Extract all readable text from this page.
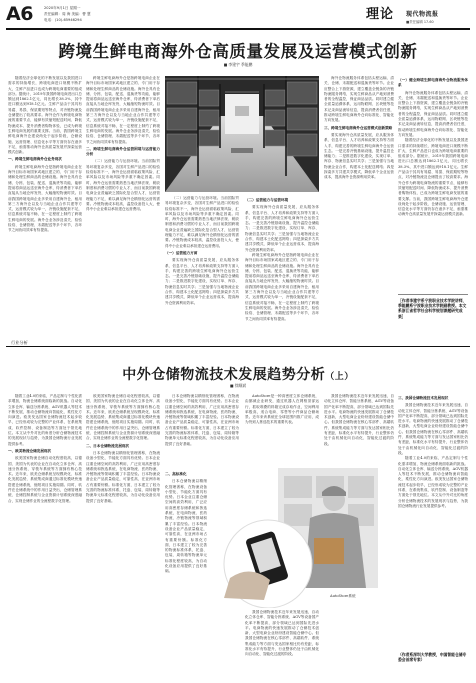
A6	2020年9月1日 星期一
责任编辑：周 海 美编：曹 慧
电话：(10)-65946294	理论 现代物流报
■责任编辑 17-60
跨境生鲜电商海外仓高质量发展及运营模式创新
■ 李建宇 季能鹏

随着经济全球化的不断发展以及我国进口需求的持续增长，跨境电商进口规模不断扩大，生鲜产品进口也成为跨境电商重要的组成部分。据统计，2019年我国跨境电商进出口总额达到1862.1亿元，同比增长38.3%，其中进口额达到918.1亿元。生鲜产品由于其具有易腐、易损、保质期短等特点，对冷链物流及仓储提出了较高要求。海外仓作为跨境电商物流的重要节点，能够有效缩短配送时间、降低物流成本、提升消费者购物体验，已成为跨境生鲜电商发展的重要支撑。当前，我国跨境生鲜电商海外仓建设尚处于起步阶段，仓储设施、运营管理、信息化水平等方面仍存在诸多不足，亟需推动海外仓高质量发展并探索运营模式创新。

一、跨境生鲜电商海外仓业务现状

跨境生鲜电商海外仓是指跨境电商企业在海外目标市场国家或地区建立的、专门用于存储和处理生鲜商品的仓储设施。海外仓具有仓储、分拣、包装、配送、退换货等功能，能够提前将商品运送至海外仓库，待消费者下单后直接从当地仓库发货，大幅缩短物流时效。目前我国跨境电商企业多采用自建海外仓、租用第三方海外仓以及与当地企业合作共建等方式，运营模式较为单一，冷链设施配套不足，信息系统对接不畅，在一定程度上制约了跨境生鲜电商的发展。海外仓业务涉及清关、检验检疫、仓储管理、末端配送等多个环节，各环节之间协同效率有待提高。

跨境生鲜电商海外仓是指跨境电商企业在海外目标市场国家或地区建立的、专门用于存储和处理生鲜商品的仓储设施。海外仓具有仓储、分拣、包装、配送、退换货等功能，能够提前将商品运送至海外仓库，待消费者下单后直接从当地仓库发货，大幅缩短物流时效。目前我国跨境电商企业多采用自建海外仓、租用第三方海外仓以及与当地企业合作共建等方式，运营模式较为单一，冷链设施配套不足，信息系统对接不畅，在一定程度上制约了跨境生鲜电商的发展。海外仓业务涉及清关、检验检疫、仓储管理、末端配送等多个环节，各环节之间协同效率有待提高。

二、跨境生鲜电商海外仓运营困境与运营能力分析

（二）运营能力与运营环境。当前国际贸易环境复杂多变，各国对生鲜产品进口的检验检疫标准不一，海外仓运营面临政策风险、汇率风险以及市场风险等多重不确定因素。同时，海外仓运营需要熟悉当地法律法规、税收制度和消费习惯的专业人才，而目前我国跨境电商企业普遍缺乏国际化复合型人才，运营管理能力不足，难以满足海外仓精细化运营的需要。冷链物流成本较高，温控设备投入大，使得中小企业难以承担建仓运营费用。

（二）运营能力与运营环境。当前国际贸易环境复杂多变，各国对生鲜产品进口的检验检疫标准不一，海外仓运营面临政策风险、汇率风险以及市场风险等多重不确定因素。同时，海外仓运营需要熟悉当地法律法规、税收制度和消费习惯的专业人才，而目前我国跨境电商企业普遍缺乏国际化复合型人才，运营管理能力不足，难以满足海外仓精细化运营的需要。冷链物流成本较高，温控设备投入大，使得中小企业难以承担建仓运营费用。

（一）运营能力方面

要实现海外仓高质量发展，应从服务体系、信息平台、人才培养和政策支持等方面入手，构建完善的跨境生鲜电商海外仓运营生态。一是完善冷链基础设施，提升温控仓储能力；二是推进数字化建设，实现订单、库存、物流信息实时共享；三是加强与当地物流企业合作，构建本土化配送网络；四是探索多方共建共享模式，降低单个企业运营成本，提高海外仓资源利用效率。

（二）运营能力与运营环境

要实现海外仓高质量发展，应从服务体系、信息平台、人才培养和政策支持等方面入手，构建完善的跨境生鲜电商海外仓运营生态。一是完善冷链基础设施，提升温控仓储能力；二是推进数字化建设，实现订单、库存、物流信息实时共享；三是加强与当地物流企业合作，构建本土化配送网络；四是探索多方共建共享模式，降低单个企业运营成本，提高海外仓资源利用效率。

跨境生鲜电商海外仓是指跨境电商企业在海外目标市场国家或地区建立的、专门用于存储和处理生鲜商品的仓储设施。海外仓具有仓储、分拣、包装、配送、退换货等功能，能够提前将商品运送至海外仓库，待消费者下单后直接从当地仓库发货，大幅缩短物流时效。目前我国跨境电商企业多采用自建海外仓、租用第三方海外仓以及与当地企业合作共建等方式，运营模式较为单一，冷链设施配套不足，信息系统对接不畅，在一定程度上制约了跨境生鲜电商的发展。海外仓业务涉及清关、检验检疫、仓储管理、末端配送等多个环节，各环节之间协同效率有待提高。

海外仓物流服务体系包括头程运输、清关、仓储、末端配送和退换货等环节。企业应整合上下游资源，建立覆盖全链条的冷链物流服务网络，实现生鲜商品从产地到消费者的全程温控，保证商品品质。同时建立健全质量追溯体系，运用物联网、区块链等技术记录商品流转信息，提高消费者信任度，推动跨境生鲜电商海外仓向标准化、智能化方向发展。

三、跨境生鲜电商海外仓运营模式创新策略

要实现海外仓高质量发展，应从服务体系、信息平台、人才培养和政策支持等方面入手，构建完善的跨境生鲜电商海外仓运营生态。一是完善冷链基础设施，提升温控仓储能力；二是推进数字化建设，实现订单、库存、物流信息实时共享；三是加强与当地物流企业合作，构建本土化配送网络；四是探索多方共建共享模式，降低单个企业运营成本，提高海外仓资源利用效率。

（一）健全跨境生鲜电商海外仓物流服务体系

海外仓物流服务体系包括头程运输、清关、仓储、末端配送和退换货等环节。企业应整合上下游资源，建立覆盖全链条的冷链物流服务网络，实现生鲜商品从产地到消费者的全程温控，保证商品品质。同时建立健全质量追溯体系，运用物联网、区块链等技术记录商品流转信息，提高消费者信任度，推动跨境生鲜电商海外仓向标准化、智能化方向发展。

随着经济全球化的不断发展以及我国进口需求的持续增长，跨境电商进口规模不断扩大，生鲜产品进口也成为跨境电商重要的组成部分。据统计，2019年我国跨境电商进出口总额达到1862.1亿元，同比增长38.3%，其中进口额达到918.1亿元。生鲜产品由于其具有易腐、易损、保质期短等特点，对冷链物流及仓储提出了较高要求。海外仓作为跨境电商物流的重要节点，能够有效缩短配送时间、降低物流成本、提升消费者购物体验，已成为跨境生鲜电商发展的重要支撑。当前，我国跨境生鲜电商海外仓建设尚处于起步阶段，仓储设施、运营管理、信息化水平等方面仍存在诸多不足，亟需推动海外仓高质量发展并探索运营模式创新。

［作者李建宇系宁波职业技术学院讲师，季能鹏系宁波职业技术学院副教授。本文系浙江省哲学社会科学规划课题研究成果］
行业分析
中外仓储物流技术发展趋势分析（上）
■ 徐顺斌

随着工业4.0的来临，产品定制与个性化需求增加，物流仓储系统面临新的挑战。自动化立体仓库、输送分拣系统、AGV机器人等技术不断发展，推动仓储物流向智能化、柔性化方向演进。欧美发达国家仓储物流技术起步较早，已经形成较为完整的产业体系，在系统集成、软件控制、设备制造等方面处于领先地位。本文从中外对比的角度分析仓储物流技术的发展现状与趋势，为我国仓储物流行业发展提供参考。

一、欧美物流仓储发展现状

欧美国家物流仓储自动化程度较高，以德国、美国为代表的企业在自动化立体仓库、高速分拣系统、穿梭车系统等方面拥有核心技术。近年来，欧美仓储系统呈现模块化、标准化发展趋势，系统集成商通过标准化模块快速搭建仓储系统，缩短项目实施周期。同时，软件在仓储系统中的作用日益突出，仓储管理系统、仓储控制系统与企业资源计划系统深度融合，实现仓储作业的全流程数字化管理。

欧美国家物流仓储自动化程度较高，以德国、美国为代表的企业在自动化立体仓库、高速分拣系统、穿梭车系统等方面拥有核心技术。近年来，欧美仓储系统呈现模块化、标准化发展趋势，系统集成商通过标准化模块快速搭建仓储系统，缩短项目实施周期。同时，软件在仓储系统中的作用日益突出，仓储管理系统、仓储控制系统与企业资源计划系统深度融合，实现仓储作业的全流程数字化管理。

二、日本仓储物流发展现状

日本仓储物流以精细化管理著称，在物流设备小型化、节能化方面具有优势。日本企业注重仓储空间的高效利用，广泛应用高密度存储系统和拣选系统，在电商物流、医药物流、冷链物流等领域积累了丰富经验。日本物流设备企业产品质量稳定，可靠性高，在亚洲市场占有重要份额。标准化方面，日本建立了较为完善的物流标准体系，托盘、包装、周转箱等物流单元标准化程度较高，为自动化设备应用提供了良好基础。

日本仓储物流以精细化管理著称，在物流设备小型化、节能化方面具有优势。日本企业注重仓储空间的高效利用，广泛应用高密度存储系统和拣选系统，在电商物流、医药物流、冷链物流等领域积累了丰富经验。日本物流设备企业产品质量稳定，可靠性高，在亚洲市场占有重要份额。标准化方面，日本建立了较为完善的物流标准体系，托盘、包装、周转箱等物流单元标准化程度较高，为自动化设备应用提供了良好基础。

AutoStore是一种高密度立体仓储系统，由挪威企业研发，通过机器人在网格顶部运行，抓取堆叠的料箱完成存取作业，空间利用率极高，适合电商、零售等小件商品仓储场景。近年来该系统在全球范围内推广应用，成为货到人拣选技术的重要代表。

AutoStore系统
二、高标准化

日本仓储物流以精细化管理著称，在物流设备小型化、节能化方面具有优势。日本企业注重仓储空间的高效利用，广泛应用高密度存储系统和拣选系统，在电商物流、医药物流、冷链物流等领域积累了丰富经验。日本物流设备企业产品质量稳定，可靠性高，在亚洲市场占有重要份额。标准化方面，日本建立了较为完善的物流标准体系，托盘、包装、周转箱等物流单元标准化程度较高，为自动化设备应用提供了良好基础。

我国仓储物流技术近年来发展迅速，自动化立体仓库、智能分拣系统、AGV等设备国产化率不断提高，部分领域已达到国际先进水平。电商物流的快速发展推动了仓储技术创新，大型电商企业纷纷建设智能仓储中心。但我国仓储物流在核心零部件、高端软件、系统集成能力等方面与发达国家相比仍有差距，标准化水平有待提升，行业整体仍处于由机械化向自动化、智能化过渡的阶段。

我国仓储物流技术近年来发展迅速，自动化立体仓库、智能分拣系统、AGV等设备国产化率不断提高，部分领域已达到国际先进水平。电商物流的快速发展推动了仓储技术创新，大型电商企业纷纷建设智能仓储中心。但我国仓储物流在核心零部件、高端软件、系统集成能力等方面与发达国家相比仍有差距，标准化水平有待提升，行业整体仍处于由机械化向自动化、智能化过渡的阶段。

三、我国仓储物流技术发展现状

我国仓储物流技术近年来发展迅速，自动化立体仓库、智能分拣系统、AGV等设备国产化率不断提高，部分领域已达到国际先进水平。电商物流的快速发展推动了仓储技术创新，大型电商企业纷纷建设智能仓储中心。但我国仓储物流在核心零部件、高端软件、系统集成能力等方面与发达国家相比仍有差距，标准化水平有待提升，行业整体仍处于由机械化向自动化、智能化过渡的阶段。

随着工业4.0的来临，产品定制与个性化需求增加，物流仓储系统面临新的挑战。自动化立体仓库、输送分拣系统、AGV机器人等技术不断发展，推动仓储物流向智能化、柔性化方向演进。欧美发达国家仓储物流技术起步较早，已经形成较为完整的产业体系，在系统集成、软件控制、设备制造等方面处于领先地位。本文从中外对比的角度分析仓储物流技术的发展现状与趋势，为我国仓储物流行业发展提供参考。

（作者系深圳大学教授，中国智能仓储专委会首席专家）
